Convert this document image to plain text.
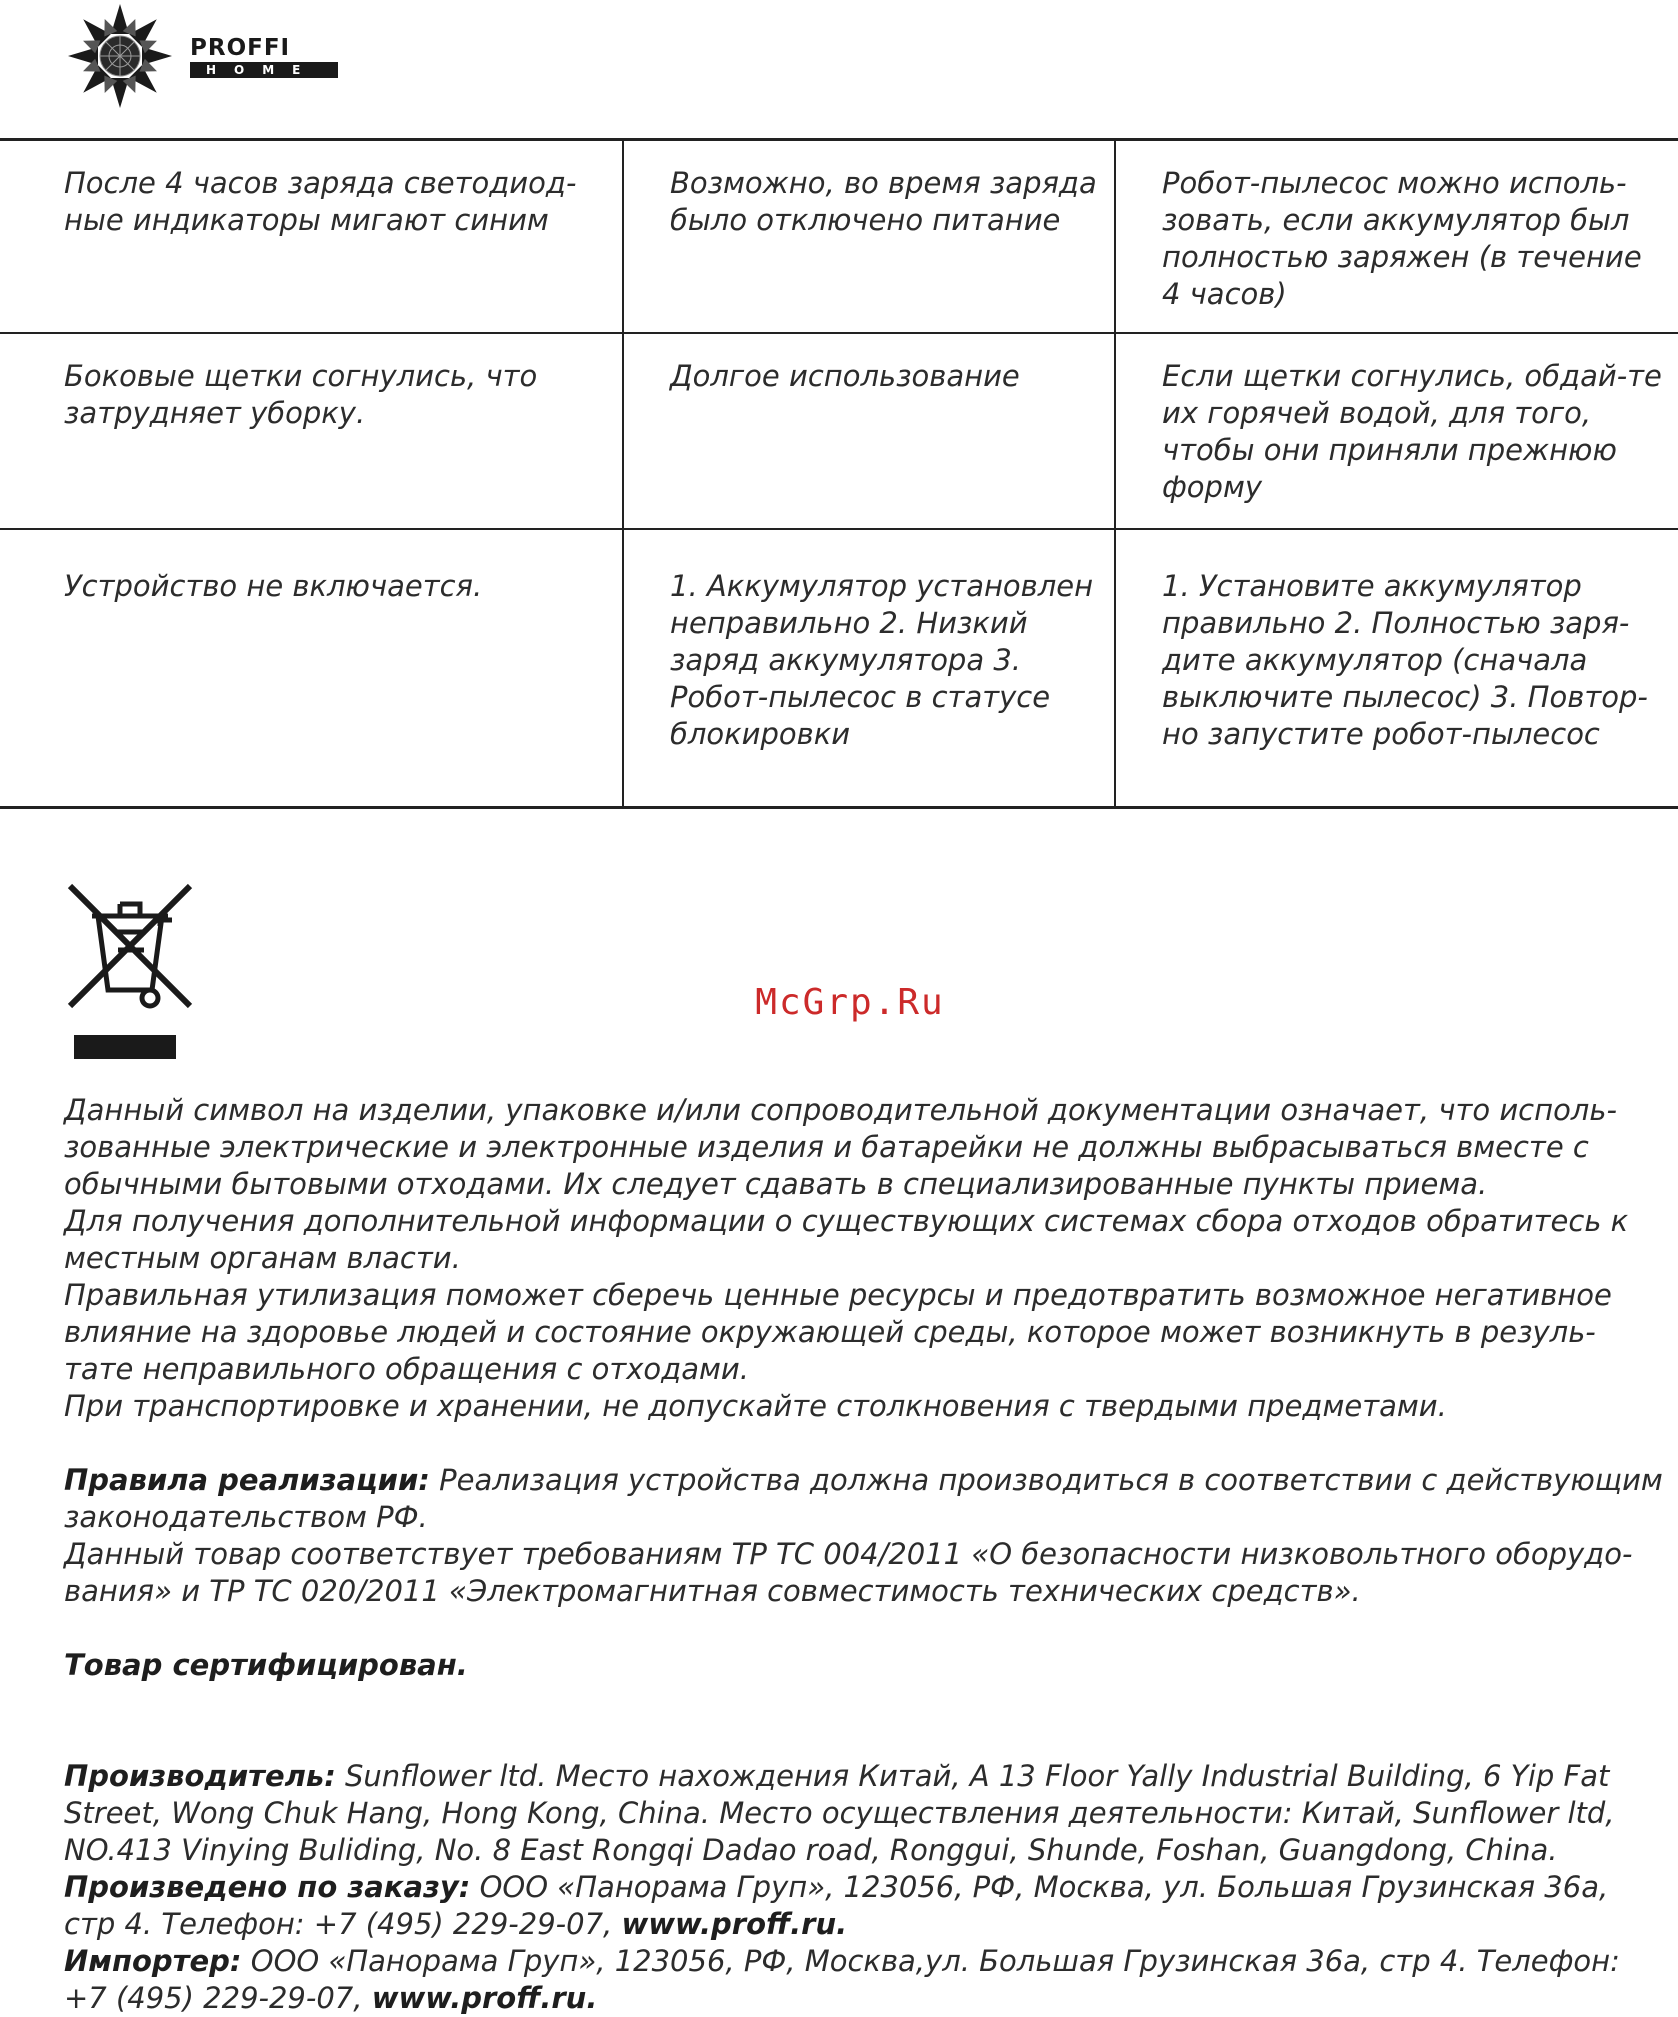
PROFFI
HOME
После 4 часов заряда светодиод-ные индикаторы мигают синим	Возможно, во время заряда было отключено питание	Робот-пылесос можно исполь-зовать, если аккумулятор был полностью заряжен (в течение 4 часов)
Боковые щетки согнулись, что затрудняет уборку.	Долгое использование	Если щетки согнулись, обдай-те их горячей водой, для того, чтобы они приняли прежнюю форму
Устройство не включается.	1. Аккумулятор установлен неправильно 2. Низкий заряд аккумулятора 3. Робот-пылесос в статусе блокировки	1. Установите аккумулятор правильно 2. Полностью заря-дите аккумулятор (сначала выключите пылесос) 3. Повтор-но запустите робот-пылесос
McGrp.Ru

Данный символ на изделии, упаковке и/или сопроводительной документации означает, что исполь-зованные электрические и электронные изделия и батарейки не должны выбрасываться вместе с обычными бытовыми отходами. Их следует сдавать в специализированные пункты приема.

Для получения дополнительной информации о существующих системах сбора отходов обратитесь к местным органам власти.

Правильная утилизация поможет сберечь ценные ресурсы и предотвратить возможное негативное влияние на здоровье людей и состояние окружающей среды, которое может возникнуть в резуль-тате неправильного обращения с отходами.

При транспортировке и хранении, не допускайте столкновения с твердыми предметами.

Правила реализации: Реализация устройства должна производиться в соответствии с действующим законодательством РФ.

Данный товар соответствует требованиям ТР ТС 004/2011 «О безопасности низковольтного оборудо-вания» и ТР ТС 020/2011 «Электромагнитная совместимость технических средств».

Товар сертифицирован.

Производитель: Sunflower ltd. Место нахождения Китай, A 13 Floor Yally Industrial Building, 6 Yip Fat Street, Wong Chuk Hang, Hong Kong, China. Место осуществления деятельности: Китай, Sunflower ltd, NO.413 Vinying Buliding, No. 8 East Rongqi Dadao road, Ronggui, Shunde, Foshan, Guangdong, China.

Произведено по заказу: ООО «Панорама Груп», 123056, РФ, Москва, ул. Большая Грузинская 36а, стр 4. Телефон: +7 (495) 229-29-07, www.proff.ru.

Импортер: ООО «Панорама Груп», 123056, РФ, Москва,ул. Большая Грузинская 36а, стр 4. Телефон: +7 (495) 229-29-07, www.proff.ru.
